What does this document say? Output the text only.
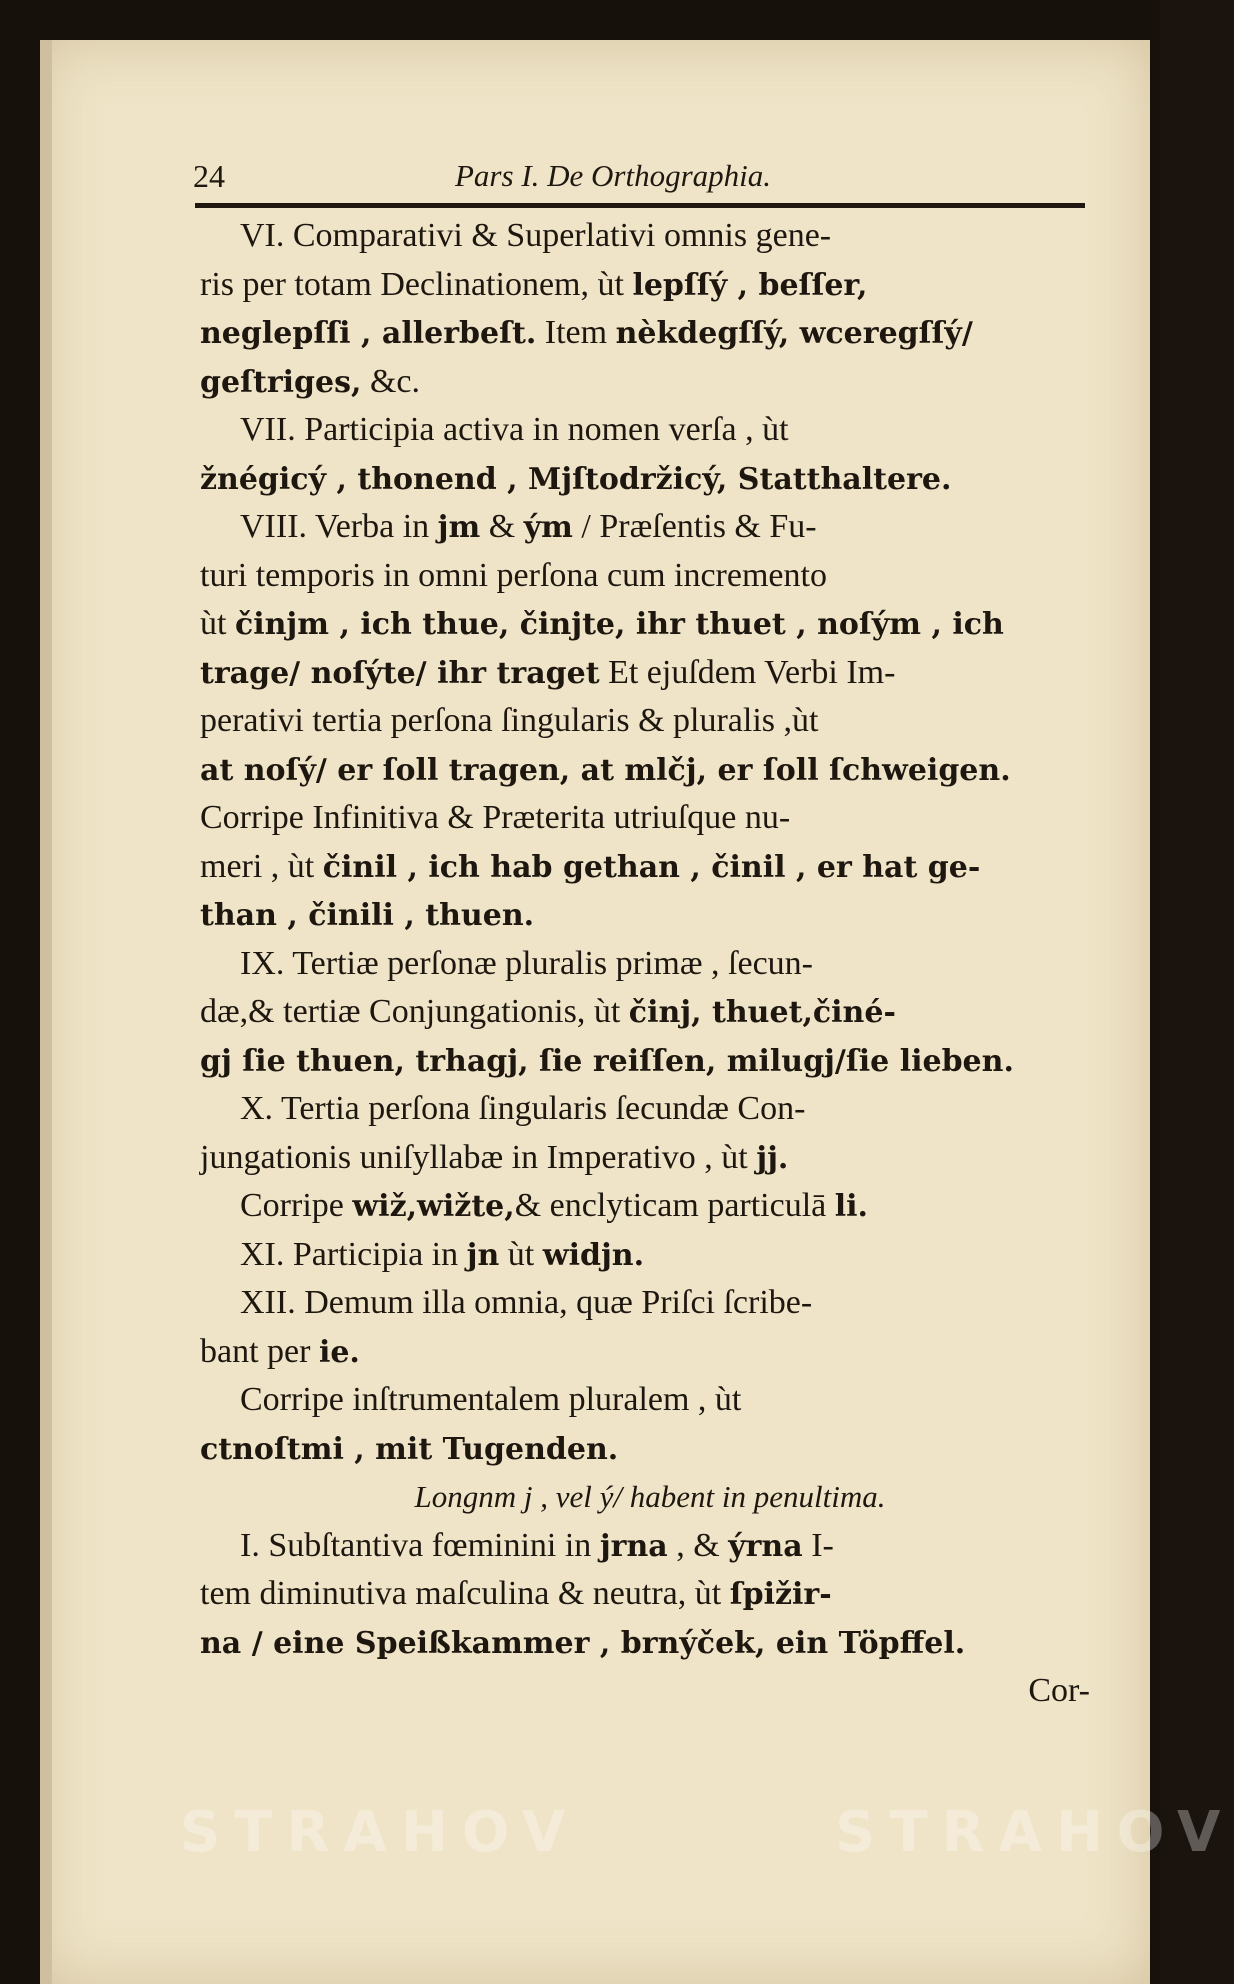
24	Pars I. De Orthographia.
VI. Comparativi & Superlativi omnis gene-
ris per totam Declinationem, ùt lepſſý , beſſer,
neglepſſi , allerbeſt. Item nèkdegſſý, wceregſſý/
geſtriges, &c.
VII. Participia activa in nomen verſa , ùt
žnégicý , thonend , Mjſtodržicý, Statthaltere.
VIII. Verba in jm & ým / Præſentis & Fu-
turi temporis in omni perſona cum incremento
ùt činjm , ich thue, činjte, ihr thuet , noſým , ich
trage/ noſýte/ ihr traget Et ejuſdem Verbi Im-
perativi tertia perſona ſingularis & pluralis ,ùt
at noſý/ er ſoll tragen, at mlčj, er ſoll ſchweigen.
Corripe Infinitiva & Præterita utriuſque nu-
meri , ùt činil , ich hab gethan , činil , er hat ge-
than , činili , thuen.
IX. Tertiæ perſonæ pluralis primæ , ſecun-
dæ,& tertiæ Conjungationis, ùt činj, thuet,činé-
gj ſie thuen, trhagj, ſie reiſſen, milugj/ſie lieben.
X. Tertia perſona ſingularis ſecundæ Con-
jungationis uniſyllabæ in Imperativo , ùt jj.
Corripe wiž,wižte,& enclyticam particulā li.
XI. Participia in jn ùt widjn.
XII. Demum illa omnia, quæ Priſci ſcribe-
bant per ie.
Corripe inſtrumentalem pluralem , ùt
ctnoſtmi , mit Tugenden.
Longnm j , vel ý/ habent in penultima.
I. Subſtantiva fœminini in jrna , & ýrna I-
tem diminutiva maſculina & neutra, ùt ſpižir-
na / eine Speißkammer , brnýček, ein Töpffel.
Cor-
STRAHOV	STRAHOV
